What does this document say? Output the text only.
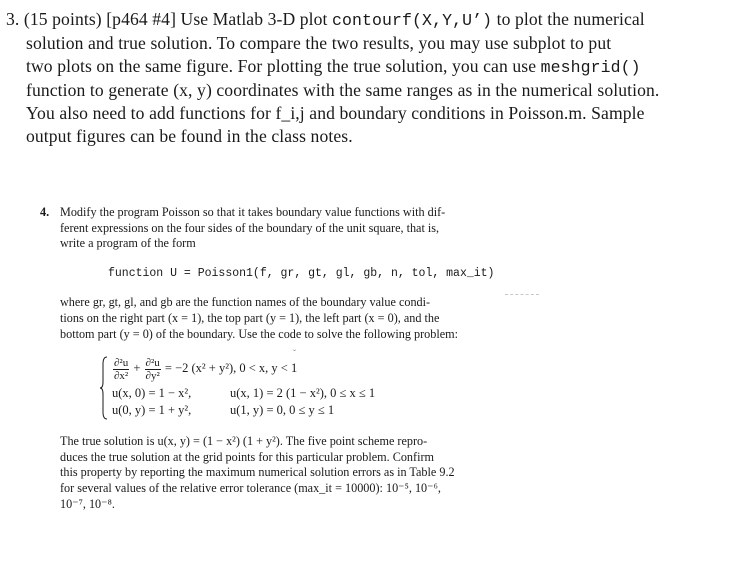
3. (15 points) [p464 #4] Use Matlab 3-D plot contourf(X,Y,U’) to plot the numerical
solution and true solution. To compare the two results, you may use subplot to put
two plots on the same figure. For plotting the true solution, you can use meshgrid()
function to generate (x, y) coordinates with the same ranges as in the numerical solution.
You also need to add functions for f_i,j and boundary conditions in Poisson.m. Sample
output figures can be found in the class notes.
4. Modify the program Poisson so that it takes boundary value functions with dif-
ferent expressions on the four sides of the boundary of the unit square, that is,
write a program of the form
function U = Poisson1(f, gr, gt, gl, gb, n, tol, max_it)
where gr, gt, gl, and gb are the function names of the boundary value condi-
tions on the right part (x = 1), the top part (y = 1), the left part (x = 0), and the
bottom part (y = 0) of the boundary. Use the code to solve the following problem:
ˇ
$\frac{\text{∂²u}}{\text{∂x²}} + \frac{\text{∂²u}}{\text{∂y²}} = -2$ (x² + y²), 0 < x, y < 1
u(x, 0) = 1 − x²,	u(x, 1) = 2 (1 − x²), 0 ≤ x ≤ 1
u(0, y) = 1 + y²,	u(1, y) = 0, 0 ≤ y ≤ 1
The true solution is u(x, y) = (1 − x²) (1 + y²). The five point scheme repro-
duces the true solution at the grid points for this particular problem. Confirm
this property by reporting the maximum numerical solution errors as in Table 9.2
for several values of the relative error tolerance (max_it = 10000): 10⁻⁵, 10⁻⁶,
10⁻⁷, 10⁻⁸.
